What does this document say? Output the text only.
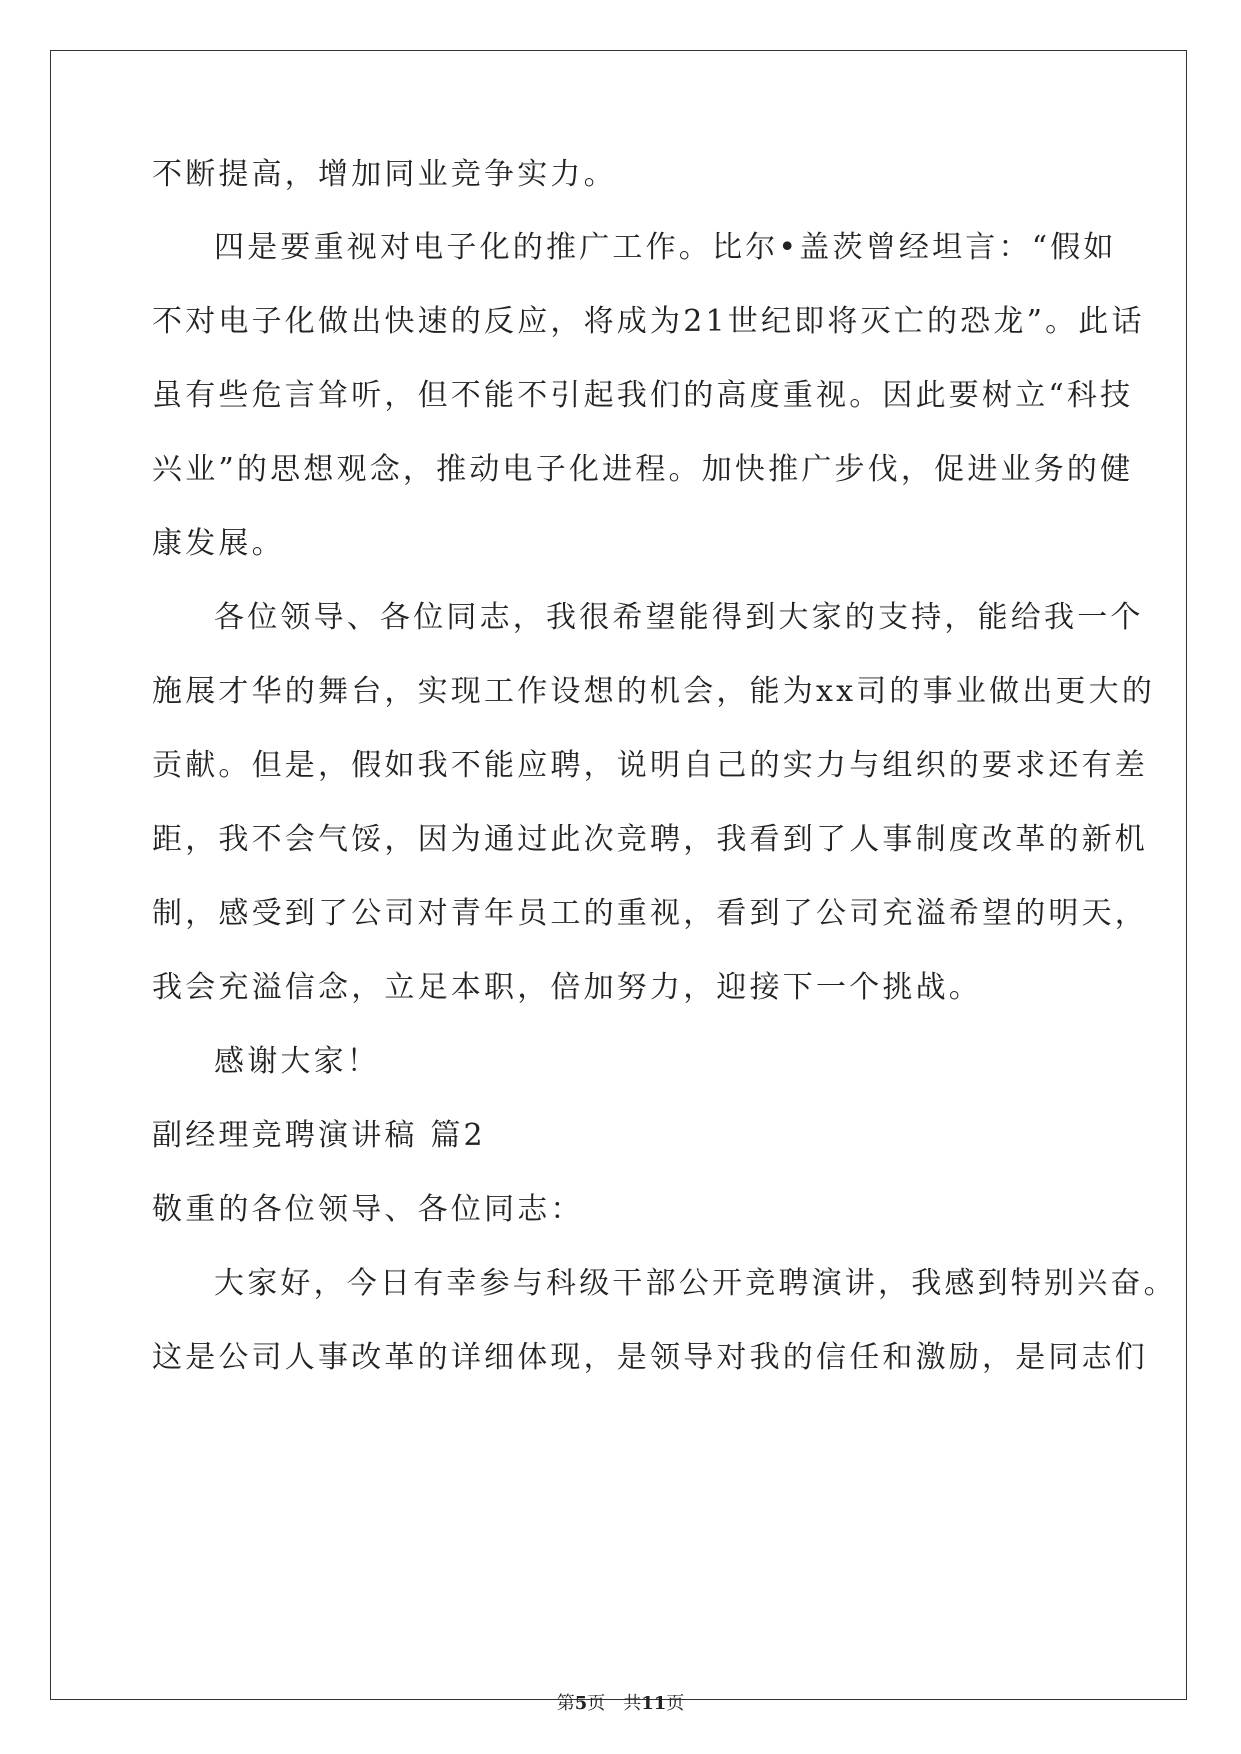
不断提高，增加同业竞争实力。
四是要重视对电子化的推广工作。比尔•盖茨曾经坦言：“假如
不对电子化做出快速的反应，将成为21世纪即将灭亡的恐龙”。此话
虽有些危言耸听，但不能不引起我们的高度重视。因此要树立“科技
兴业”的思想观念，推动电子化进程。加快推广步伐，促进业务的健
康发展。
各位领导、各位同志，我很希望能得到大家的支持，能给我一个
施展才华的舞台，实现工作设想的机会，能为xx司的事业做出更大的
贡献。但是，假如我不能应聘，说明自己的实力与组织的要求还有差
距，我不会气馁，因为通过此次竞聘，我看到了人事制度改革的新机
制，感受到了公司对青年员工的重视，看到了公司充溢希望的明天，
我会充溢信念，立足本职，倍加努力，迎接下一个挑战。
感谢大家！
副经理竞聘演讲稿 篇2
敬重的各位领导、各位同志：
大家好，今日有幸参与科级干部公开竞聘演讲，我感到特别兴奋。
这是公司人事改革的详细体现，是领导对我的信任和激励，是同志们
第5页　共11页
